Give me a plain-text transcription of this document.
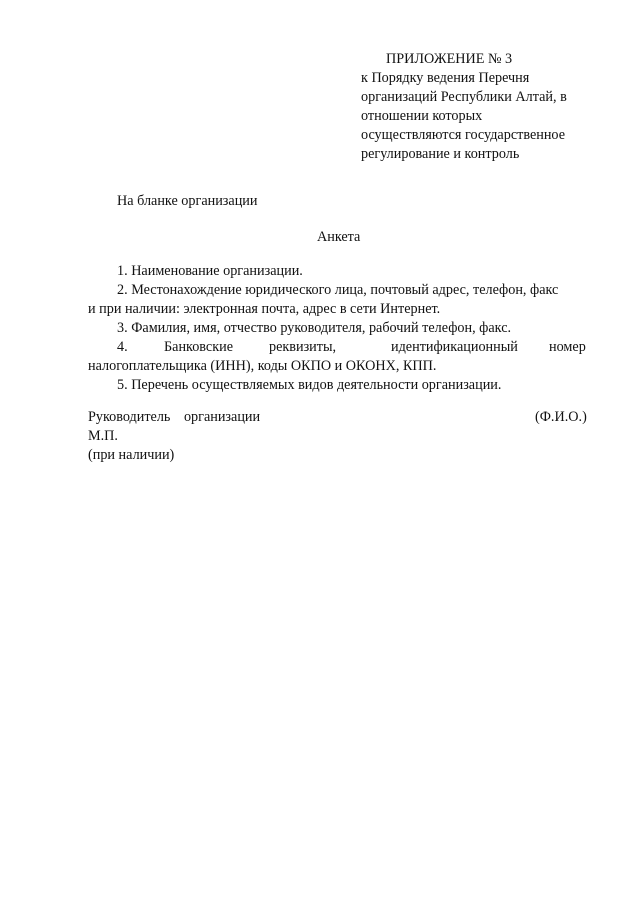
ПРИЛОЖЕНИЕ № 3
к Порядку ведения Перечня
организаций Республики Алтай, в
отношении которых
осуществляются государственное
регулирование и контроль
На бланке организации
Анкета
1. Наименование организации.
2. Местонахождение юридического лица, почтовый адрес, телефон, факс
и при наличии: электронная почта, адрес в сети Интернет.
3. Фамилия, имя, отчество руководителя, рабочий телефон, факс.
4.	Банковские	реквизиты,	идентификационный номер
налогоплательщика (ИНН), коды ОКПО и ОКОНХ, КПП.
5. Перечень осуществляемых видов деятельности организации.
Руководитель организации	(Ф.И.О.)
М.П.
(при наличии)
